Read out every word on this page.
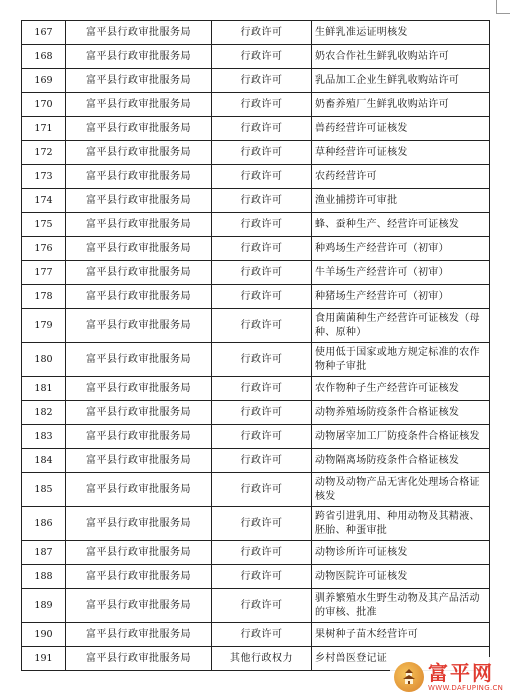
167	富平县行政审批服务局	行政许可	生鲜乳准运证明核发
168	富平县行政审批服务局	行政许可	奶农合作社生鲜乳收购站许可
169	富平县行政审批服务局	行政许可	乳品加工企业生鲜乳收购站许可
170	富平县行政审批服务局	行政许可	奶畜养殖厂生鲜乳收购站许可
171	富平县行政审批服务局	行政许可	兽药经营许可证核发
172	富平县行政审批服务局	行政许可	草种经营许可证核发
173	富平县行政审批服务局	行政许可	农药经营许可
174	富平县行政审批服务局	行政许可	渔业捕捞许可审批
175	富平县行政审批服务局	行政许可	蜂、蚕种生产、经营许可证核发
176	富平县行政审批服务局	行政许可	种鸡场生产经营许可（初审）
177	富平县行政审批服务局	行政许可	牛羊场生产经营许可（初审）
178	富平县行政审批服务局	行政许可	种猪场生产经营许可（初审）
179	富平县行政审批服务局	行政许可	食用菌菌种生产经营许可证核发（母种、原种）
180	富平县行政审批服务局	行政许可	使用低于国家或地方规定标准的农作物种子审批
181	富平县行政审批服务局	行政许可	农作物种子生产经营许可证核发
182	富平县行政审批服务局	行政许可	动物养殖场防疫条件合格证核发
183	富平县行政审批服务局	行政许可	动物屠宰加工厂防疫条件合格证核发
184	富平县行政审批服务局	行政许可	动物隔离场防疫条件合格证核发
185	富平县行政审批服务局	行政许可	动物及动物产品无害化处理场合格证核发
186	富平县行政审批服务局	行政许可	跨省引进乳用、种用动物及其精液、胚胎、种蛋审批
187	富平县行政审批服务局	行政许可	动物诊所许可证核发
188	富平县行政审批服务局	行政许可	动物医院许可证核发
189	富平县行政审批服务局	行政许可	驯养繁殖水生野生动物及其产品活动的审核、批准
190	富平县行政审批服务局	行政许可	果树种子苗木经营许可
191	富平县行政审批服务局	其他行政权力	乡村兽医登记证
富平网
WWW.DAFUPING.CN
